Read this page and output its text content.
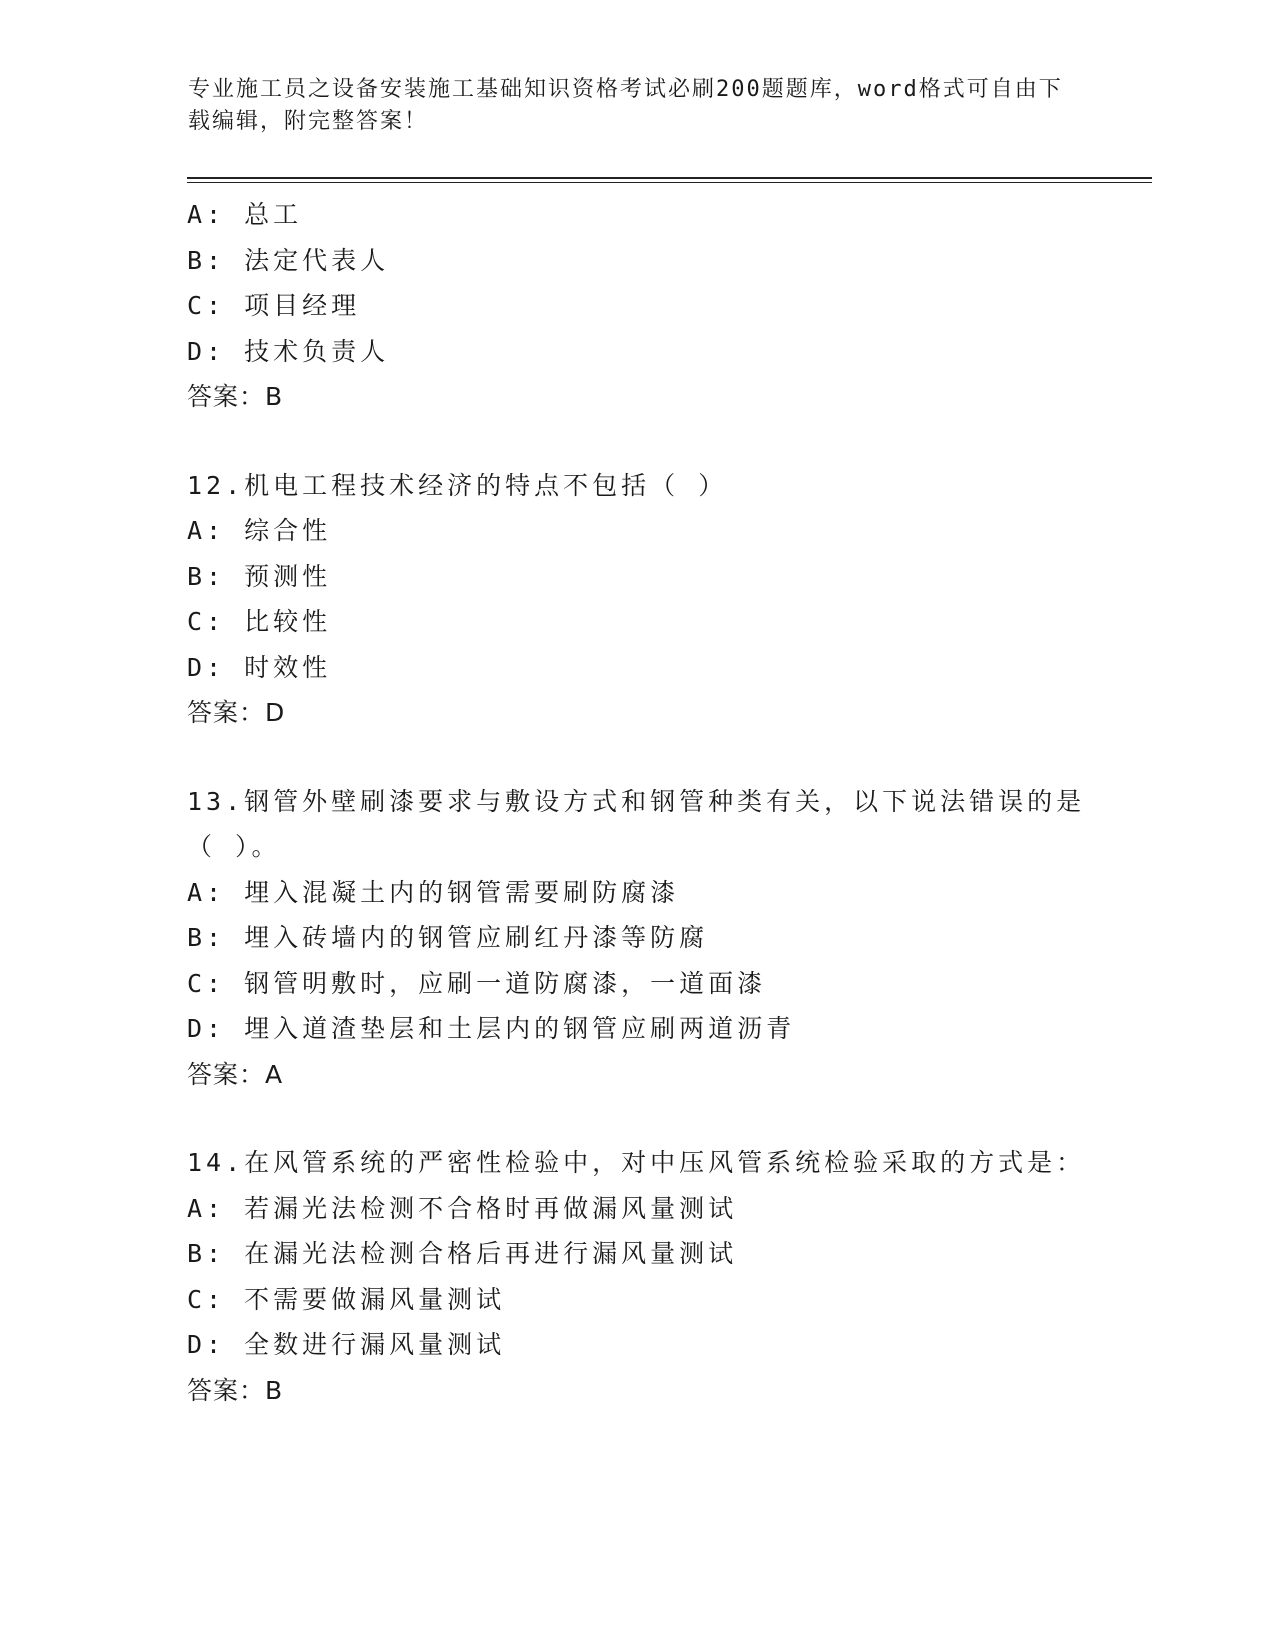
专业施工员之设备安装施工基础知识资格考试必刷200题题库，word格式可自由下载编辑，附完整答案！
A: 总工
B: 法定代表人
C: 项目经理
D: 技术负责人
答案：B
12.机电工程技术经济的特点不包括（ ）
A: 综合性
B: 预测性
C: 比较性
D: 时效性
答案：D
13.钢管外壁刷漆要求与敷设方式和钢管种类有关，以下说法错误的是（ ）。
A: 埋入混凝土内的钢管需要刷防腐漆
B: 埋入砖墙内的钢管应刷红丹漆等防腐
C: 钢管明敷时，应刷一道防腐漆，一道面漆
D: 埋入道渣垫层和土层内的钢管应刷两道沥青
答案：A
14.在风管系统的严密性检验中，对中压风管系统检验采取的方式是：
A: 若漏光法检测不合格时再做漏风量测试
B: 在漏光法检测合格后再进行漏风量测试
C: 不需要做漏风量测试
D: 全数进行漏风量测试
答案：B
